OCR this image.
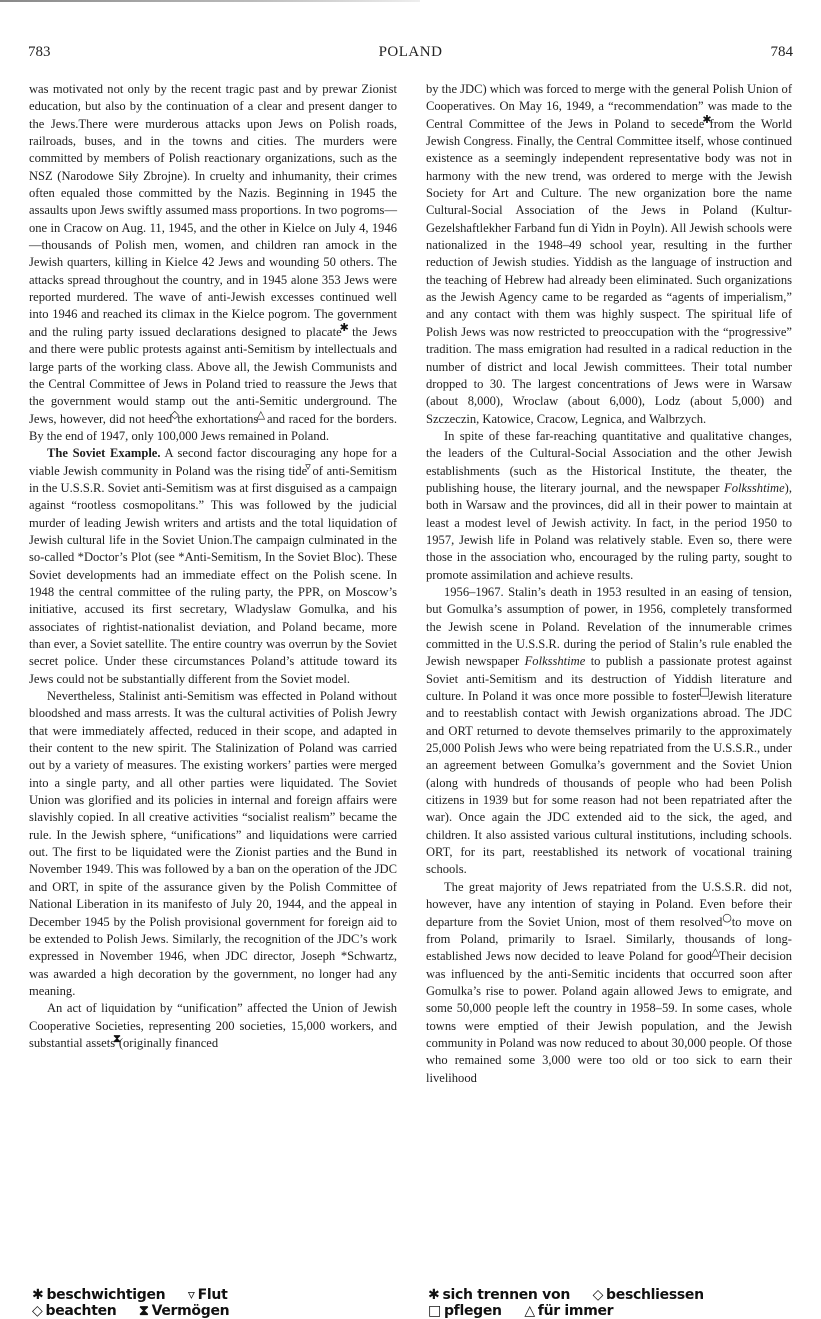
783	POLAND	784

was motivated not only by the recent tragic past and by prewar Zionist education, but also by the continuation of a clear and present danger to the Jews.There were murderous attacks upon Jews on Polish roads, railroads, buses, and in the towns and cities. The murders were committed by members of Polish reactionary organizations, such as the NSZ (Narodowe Siły Zbrojne). In cruelty and inhumanity, their crimes often equaled those committed by the Nazis. Beginning in 1945 the assaults upon Jews swiftly assumed mass proportions. In two pogroms—one in Cracow on Aug. 11, 1945, and the other in Kielce on July 4, 1946—thousands of Polish men, women, and children ran amock in the Jewish quarters, killing in Kielce 42 Jews and wounding 50 others. The attacks spread throughout the country, and in 1945 alone 353 Jews were reported murdered. The wave of anti-Jewish excesses continued well into 1946 and reached its climax in the Kielce pogrom. The government and the ruling party issued declarations designed to placate✱ the Jews and there were public protests against anti-Semitism by intellectuals and large parts of the working class. Above all, the Jewish Communists and the Central Committee of Jews in Poland tried to reassure the Jews that the government would stamp out the anti-Semitic underground. The Jews, however, did not heed◇the exhortations△ and raced for the borders. By the end of 1947, only 100,000 Jews remained in Poland.

The Soviet Example. A second factor discouraging any hope for a viable Jewish community in Poland was the rising tide▿ of anti-Semitism in the U.S.S.R. Soviet anti-Semitism was at first disguised as a campaign against “rootless cosmopolitans.” This was followed by the judicial murder of leading Jewish writers and artists and the total liquidation of Jewish cultural life in the Soviet Union.The campaign culminated in the so-called *Doctor’s Plot (see *Anti-Semitism, In the Soviet Bloc). These Soviet developments had an immediate effect on the Polish scene. In 1948 the central committee of the ruling party, the PPR, on Moscow’s initiative, accused its first secretary, Wladyslaw Gomulka, and his associates of rightist-nationalist deviation, and Poland became, more than ever, a Soviet satellite. The entire country was overrun by the Soviet secret police. Under these circumstances Poland’s attitude toward its Jews could not be substantially different from the Soviet model.

Nevertheless, Stalinist anti-Semitism was effected in Poland without bloodshed and mass arrests. It was the cultural activities of Polish Jewry that were immediately affected, reduced in their scope, and adapted in their content to the new spirit. The Stalinization of Poland was carried out by a variety of measures. The existing workers’ parties were merged into a single party, and all other parties were liquidated. The Soviet Union was glorified and its policies in internal and foreign affairs were slavishly copied. In all creative activities “socialist realism” became the rule. In the Jewish sphere, “unifications” and liquidations were carried out. The first to be liquidated were the Zionist parties and the Bund in November 1949. This was followed by a ban on the operation of the JDC and ORT, in spite of the assurance given by the Polish Committee of National Liberation in its manifesto of July 20, 1944, and the appeal in December 1945 by the Polish provisional government for foreign aid to be extended to Polish Jews. Similarly, the recognition of the JDC’s work expressed in November 1946, when JDC director, Joseph *Schwartz, was awarded a high decoration by the government, no longer had any meaning.

An act of liquidation by “unification” affected the Union of Jewish Cooperative Societies, representing 200 societies, 15,000 workers, and substantial assets⧗(originally financed

by the JDC) which was forced to merge with the general Polish Union of Cooperatives. On May 16, 1949, a “recommendation” was made to the Central Committee of the Jews in Poland to secede✱from the World Jewish Congress. Finally, the Central Committee itself, whose continued existence as a seemingly independent representative body was not in harmony with the new trend, was ordered to merge with the Jewish Society for Art and Culture. The new organization bore the name Cultural-Social Association of the Jews in Poland (Kultur-Gezelshaftlekher Farband fun di Yidn in Poyln). All Jewish schools were nationalized in the 1948–49 school year, resulting in the further reduction of Jewish studies. Yiddish as the language of instruction and the teaching of Hebrew had already been eliminated. Such organizations as the Jewish Agency came to be regarded as “agents of imperialism,” and any contact with them was highly suspect. The spiritual life of Polish Jews was now restricted to preoccupation with the “progressive” tradition. The mass emigration had resulted in a radical reduction in the number of district and local Jewish committees. Their total number dropped to 30. The largest concentrations of Jews were in Warsaw (about 8,000), Wroclaw (about 6,000), Lodz (about 5,000) and Szczeczin, Katowice, Cracow, Legnica, and Walbrzych.

In spite of these far-reaching quantitative and qualitative changes, the leaders of the Cultural-Social Association and the other Jewish establishments (such as the Historical Institute, the theater, the publishing house, the literary journal, and the newspaper Folksshtime), both in Warsaw and the provinces, did all in their power to maintain at least a modest level of Jewish activity. In fact, in the period 1950 to 1957, Jewish life in Poland was relatively stable. Even so, there were those in the association who, encouraged by the ruling party, sought to promote assimilation and achieve results.

1956–1967. Stalin’s death in 1953 resulted in an easing of tension, but Gomulka’s assumption of power, in 1956, completely transformed the Jewish scene in Poland. Revelation of the innumerable crimes committed in the U.S.S.R. during the period of Stalin’s rule enabled the Jewish newspaper Folksshtime to publish a passionate protest against Soviet anti-Semitism and its destruction of Yiddish literature and culture. In Poland it was once more possible to foster□Jewish literature and to reestablish contact with Jewish organizations abroad. The JDC and ORT returned to devote themselves primarily to the approximately 25,000 Polish Jews who were being repatriated from the U.S.S.R., under an agreement between Gomulka’s government and the Soviet Union (along with hundreds of thousands of people who had been Polish citizens in 1939 but for some reason had not been repatriated after the war). Once again the JDC extended aid to the sick, the aged, and children. It also assisted various cultural institutions, including schools. ORT, for its part, reestablished its network of vocational training schools.

The great majority of Jews repatriated from the U.S.S.R. did not, however, have any intention of staying in Poland. Even before their departure from the Soviet Union, most of them resolved○to move on from Poland, primarily to Israel. Similarly, thousands of long-established Jews now decided to leave Poland for good△Their decision was influenced by the anti-Semitic incidents that occurred soon after Gomulka’s rise to power. Poland again allowed Jews to emigrate, and some 50,000 people left the country in 1958–59. In some cases, whole towns were emptied of their Jewish population, and the Jewish community in Poland was now reduced to about 30,000 people. Of those who remained some 3,000 were too old or too sick to earn their livelihood

✱ beschwichtigen ▿ Flut
◇ beachten ⧗ Vermögen
✱ sich trennen von ◇ beschliessen
□ pflegen △ für immer
